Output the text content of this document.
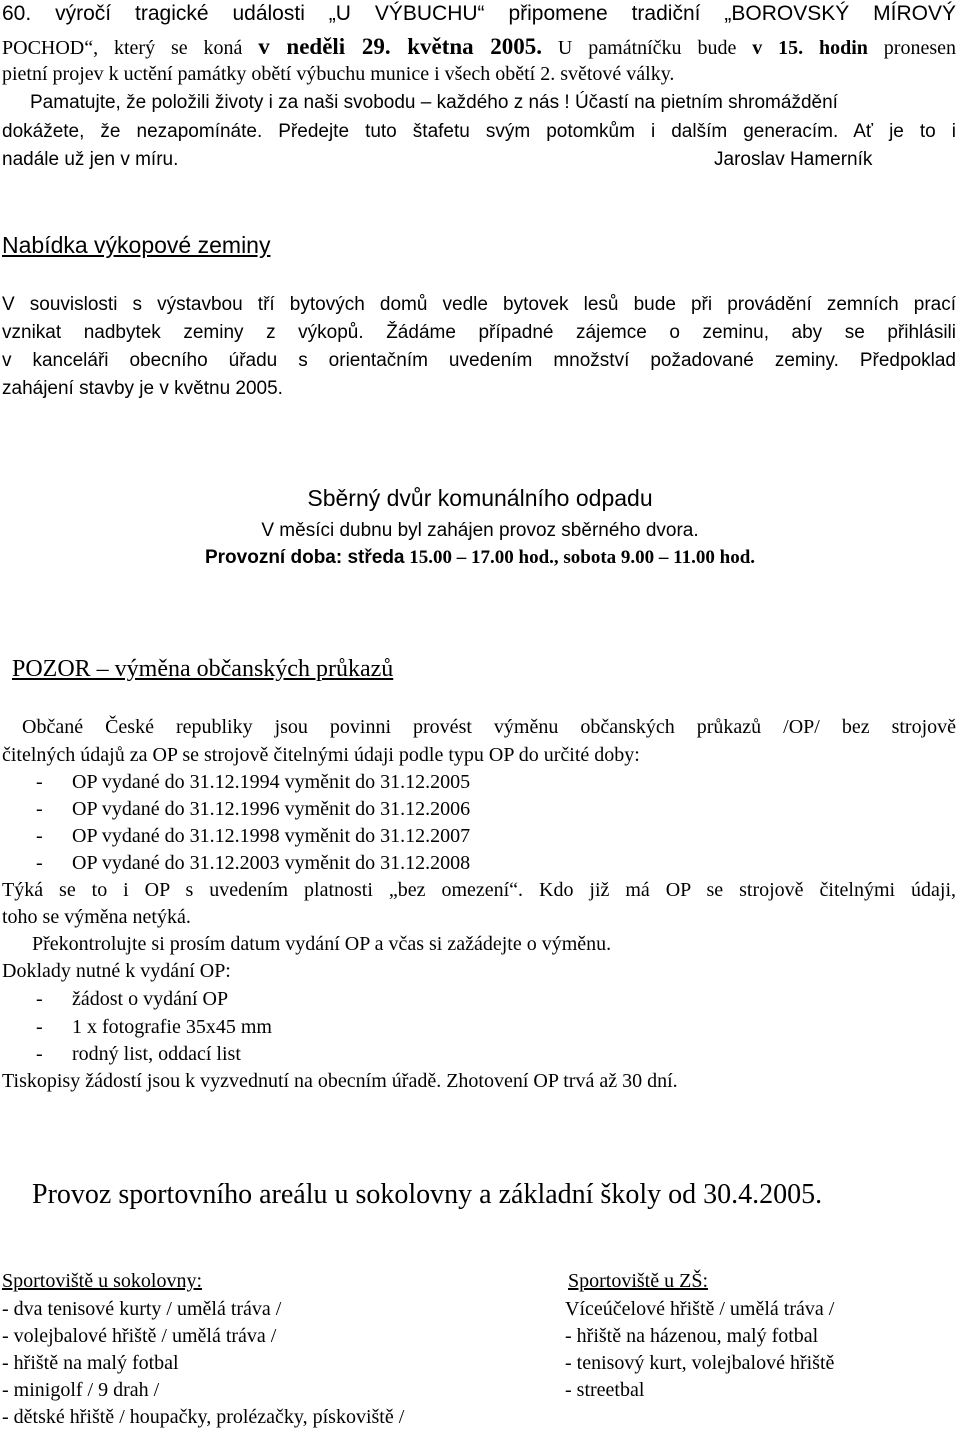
60. výročí tragické události „U VÝBUCHU“ připomene tradiční „BOROVSKÝ MÍROVÝ
POCHOD“, který se koná v neděli 29. května 2005. U památníčku bude v 15. hodin pronesen
pietní projev k uctění památky obětí výbuchu munice i všech obětí 2. světové války.
Pamatujte, že položili životy i za naši svobodu – každého z nás ! Účastí na pietním shromáždění
dokážete, že nezapomínáte. Předejte tuto štafetu svým potomkům i dalším generacím. Ať je to i
nadále už jen v míru.	Jaroslav Hamerník
Nabídka výkopové zeminy
V souvislosti s výstavbou tří bytových domů vedle bytovek lesů bude při provádění zemních prací
vznikat nadbytek zeminy z výkopů. Žádáme případné zájemce o zeminu, aby se přihlásili
v kanceláři obecního úřadu s orientačním uvedením množství požadované zeminy. Předpoklad
zahájení stavby je v květnu 2005.
Sběrný dvůr komunálního odpadu
V měsíci dubnu byl zahájen provoz sběrného dvora.
Provozní doba: středa 15.00 – 17.00 hod., sobota 9.00 – 11.00 hod.
POZOR – výměna občanských průkazů
Občané České republiky jsou povinni provést výměnu občanských průkazů /OP/ bez strojově
čitelných údajů za OP se strojově čitelnými údaji podle typu OP do určité doby:
- OP vydané do 31.12.1994 vyměnit do 31.12.2005
- OP vydané do 31.12.1996 vyměnit do 31.12.2006
- OP vydané do 31.12.1998 vyměnit do 31.12.2007
- OP vydané do 31.12.2003 vyměnit do 31.12.2008
Týká se to i OP s uvedením platnosti „bez omezení“. Kdo již má OP se strojově čitelnými údaji,
toho se výměna netýká.
Překontrolujte si prosím datum vydání OP a včas si zažádejte o výměnu.
Doklady nutné k vydání OP:
- žádost o vydání OP
- 1 x fotografie 35x45 mm
- rodný list, oddací list
Tiskopisy žádostí jsou k vyzvednutí na obecním úřadě. Zhotovení OP trvá až 30 dní.
Provoz sportovního areálu u sokolovny a základní školy od 30.4.2005.
Sportoviště u sokolovny:
- dva tenisové kurty / umělá tráva /
- volejbalové hřiště / umělá tráva /
- hřiště na malý fotbal
- minigolf / 9 drah /
- dětské hřiště / houpačky, prolézačky, pískoviště /
Sportoviště u ZŠ:
Víceúčelové hřiště / umělá tráva /
- hřiště na házenou, malý fotbal
- tenisový kurt, volejbalové hřiště
- streetbal
